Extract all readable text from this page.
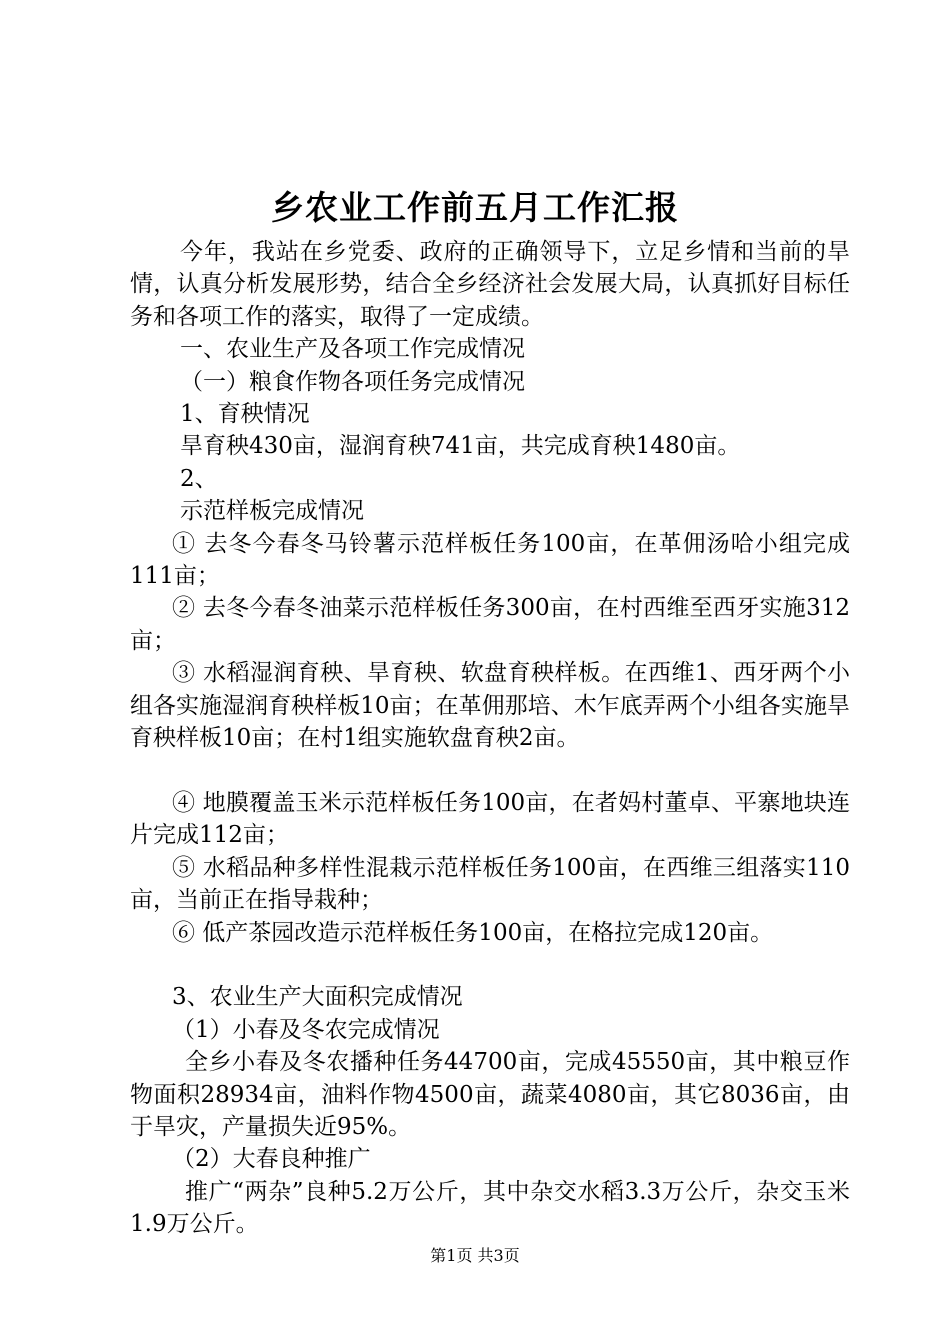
乡农业工作前五月工作汇报

今年，我站在乡党委、政府的正确领导下，立足乡情和当前的旱情，认真分析发展形势，结合全乡经济社会发展大局，认真抓好目标任务和各项工作的落实，取得了一定成绩。

一、农业生产及各项工作完成情况

（一）粮食作物各项任务完成情况

1、育秧情况

旱育秧430亩，湿润育秧741亩，共完成育秧1480亩。

2、

示范样板完成情况

① 去冬今春冬马铃薯示范样板任务100亩，在革佣汤哈小组完成111亩；

② 去冬今春冬油菜示范样板任务300亩，在村西维至西牙实施312亩；

③ 水稻湿润育秧、旱育秧、软盘育秧样板。在西维1、西牙两个小组各实施湿润育秧样板10亩；在革佣那培、木乍底弄两个小组各实施旱育秧样板10亩；在村1组实施软盘育秧2亩。

④ 地膜覆盖玉米示范样板任务100亩，在者妈村董卓、平寨地块连片完成112亩；

⑤ 水稻品种多样性混栽示范样板任务100亩，在西维三组落实110亩，当前正在指导栽种；

⑥ 低产茶园改造示范样板任务100亩，在格拉完成120亩。

3、农业生产大面积完成情况

（1）小春及冬农完成情况

全乡小春及冬农播种任务44700亩，完成45550亩，其中粮豆作物面积28934亩，油料作物4500亩，蔬菜4080亩，其它8036亩，由于旱灾，产量损失近95%。

（2）大春良种推广

推广“两杂”良种5.2万公斤，其中杂交水稻3.3万公斤，杂交玉米1.9万公斤。

第1页 共3页
